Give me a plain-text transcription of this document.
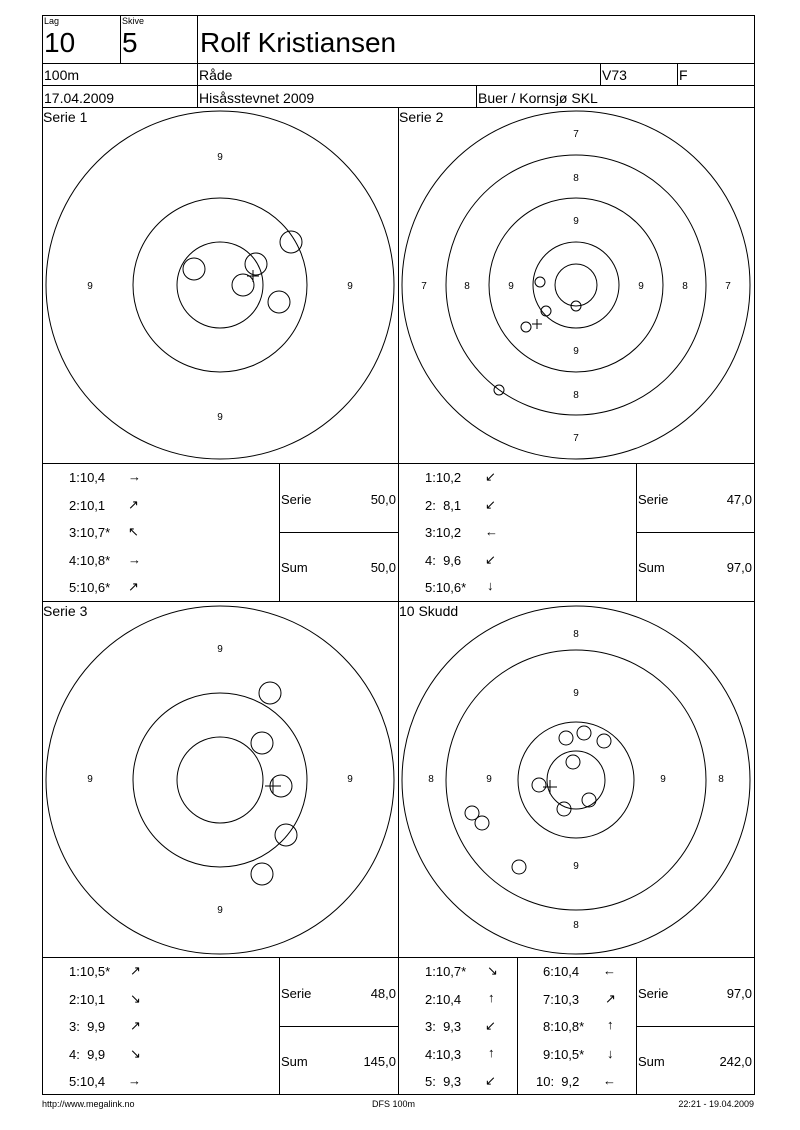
Lag
10
Skive
5 Rolf Kristiansen
100m	Råde	V73	F
17.04.2009	Hisåsstevnet 2009	Buer / Kornsjø SKL
Serie 1	Serie 2
Serie 3	10 Skudd
9
9
9	9
7
8
9
9
8
7
7	8	9	9	8	7
9
9
9	9
8
9
9
8
8	9	9	8
1:10,4 →
2:10,1 ↗
3:10,7* ↖
4:10,8* →
5:10,6* ↗
Serie	50,0
Sum	50,0
1:10,2 ↙
2:  8,1 ↙
3:10,2 ←
4:  9,6 ↙
5:10,6* ↓
Serie	47,0
Sum	97,0
1:10,5* ↗
2:10,1 ↘
3:  9,9 ↗
4:  9,9 ↘
5:10,4 →
Serie	48,0
Sum	145,0
1:10,7* ↘
2:10,4 ↑
3:  9,3 ↙
4:10,3 ↑
5:  9,3 ↙
6:10,4 ←
7:10,3 ↗
8:10,8* ↑
9:10,5* ↓
10:  9,2 ←
Serie	97,0
Sum	242,0
http://www.megalink.no	DFS 100m	22:21 - 19.04.2009
